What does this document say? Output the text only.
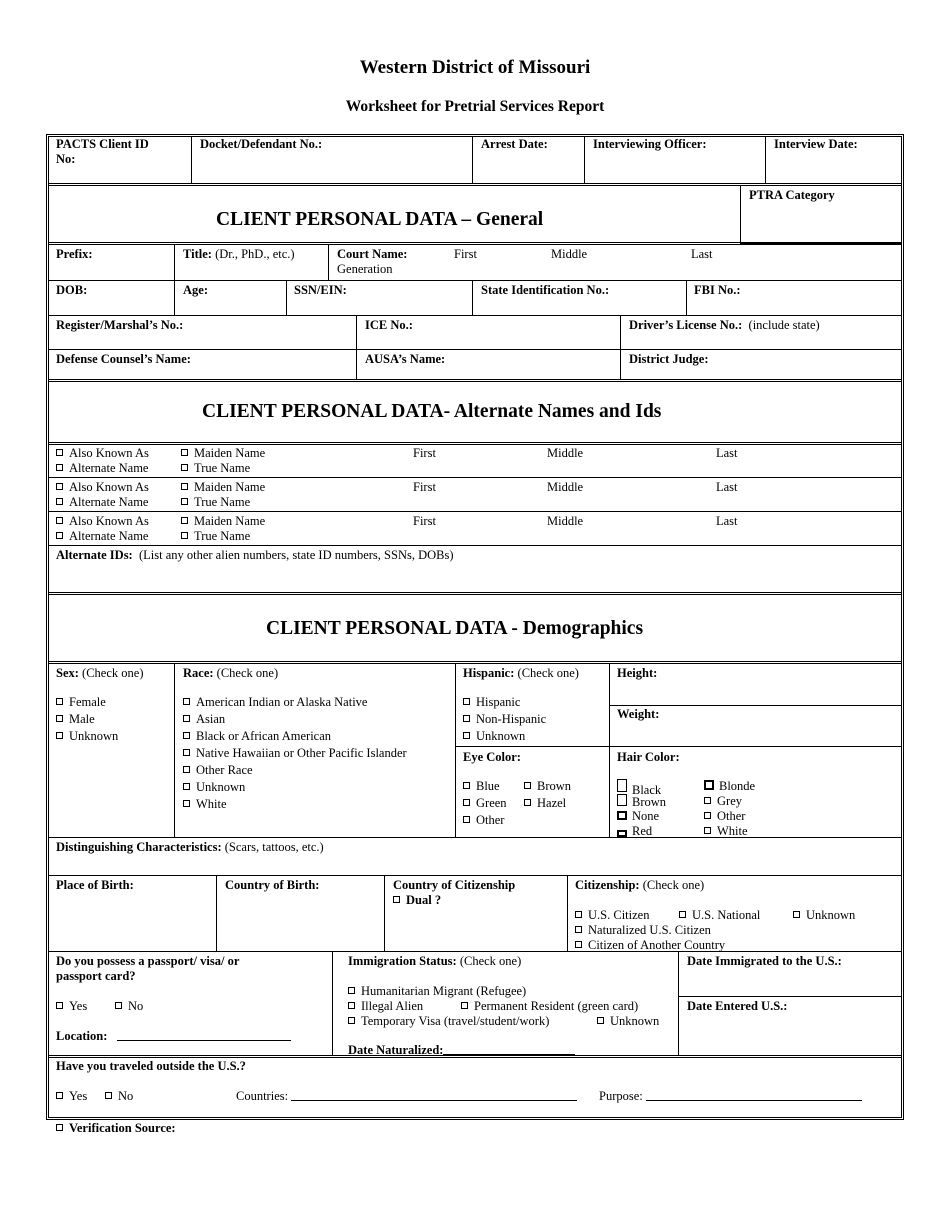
Western District of Missouri
Worksheet for Pretrial Services Report
PACTS Client ID
No:
Docket/Defendant No.:	Arrest Date:	Interviewing Officer:	Interview Date:
CLIENT PERSONAL DATA – General
PTRA Category
Prefix:	Title: (Dr., PhD., etc.)	Court Name:	First	Middle	Last
Generation
DOB:	Age:	SSN/EIN:	State Identification No.:	FBI No.:
Register/Marshal’s No.:	ICE No.:	Driver’s License No.: (include state)
Defense Counsel’s Name:	AUSA’s Name:	District Judge:
CLIENT PERSONAL DATA- Alternate Names and Ids
Also Known As
Alternate Name
Maiden Name
True Name
First	Middle	Last
Also Known As
Alternate Name
Maiden Name
True Name
First	Middle	Last
Also Known As
Alternate Name
Maiden Name
True Name
First	Middle	Last
Alternate IDs: (List any other alien numbers, state ID numbers, SSNs, DOBs)
CLIENT PERSONAL DATA - Demographics
Sex: (Check one)
Female
Male
Unknown
Race: (Check one)
American Indian or Alaska Native
Asian
Black or African American
Native Hawaiian or Other Pacific Islander
Other Race
Unknown
White
Hispanic: (Check one)
Hispanic
Non-Hispanic
Unknown
Height:
Weight:
Eye Color:
Blue	Brown
Green	Hazel
Other
Hair Color:
Black	Blonde
Brown	Grey
None	Other
Red	White
Distinguishing Characteristics: (Scars, tattoos, etc.)
Place of Birth:	Country of Birth:	Country of Citizenship
Dual ?
Citizenship: (Check one)
U.S. Citizen	U.S. National	Unknown
Naturalized U.S. Citizen
Citizen of Another Country
Do you possess a passport/ visa/ or
passport card?
Yes	No
Location:
Immigration Status: (Check one)
Humanitarian Migrant (Refugee)
Illegal Alien	Permanent Resident (green card)
Temporary Visa (travel/student/work)	Unknown
Date Naturalized:
Date Immigrated to the U.S.:
Date Entered U.S.:
Have you traveled outside the U.S.?
Yes	No	Countries:	Purpose:
Verification Source:
